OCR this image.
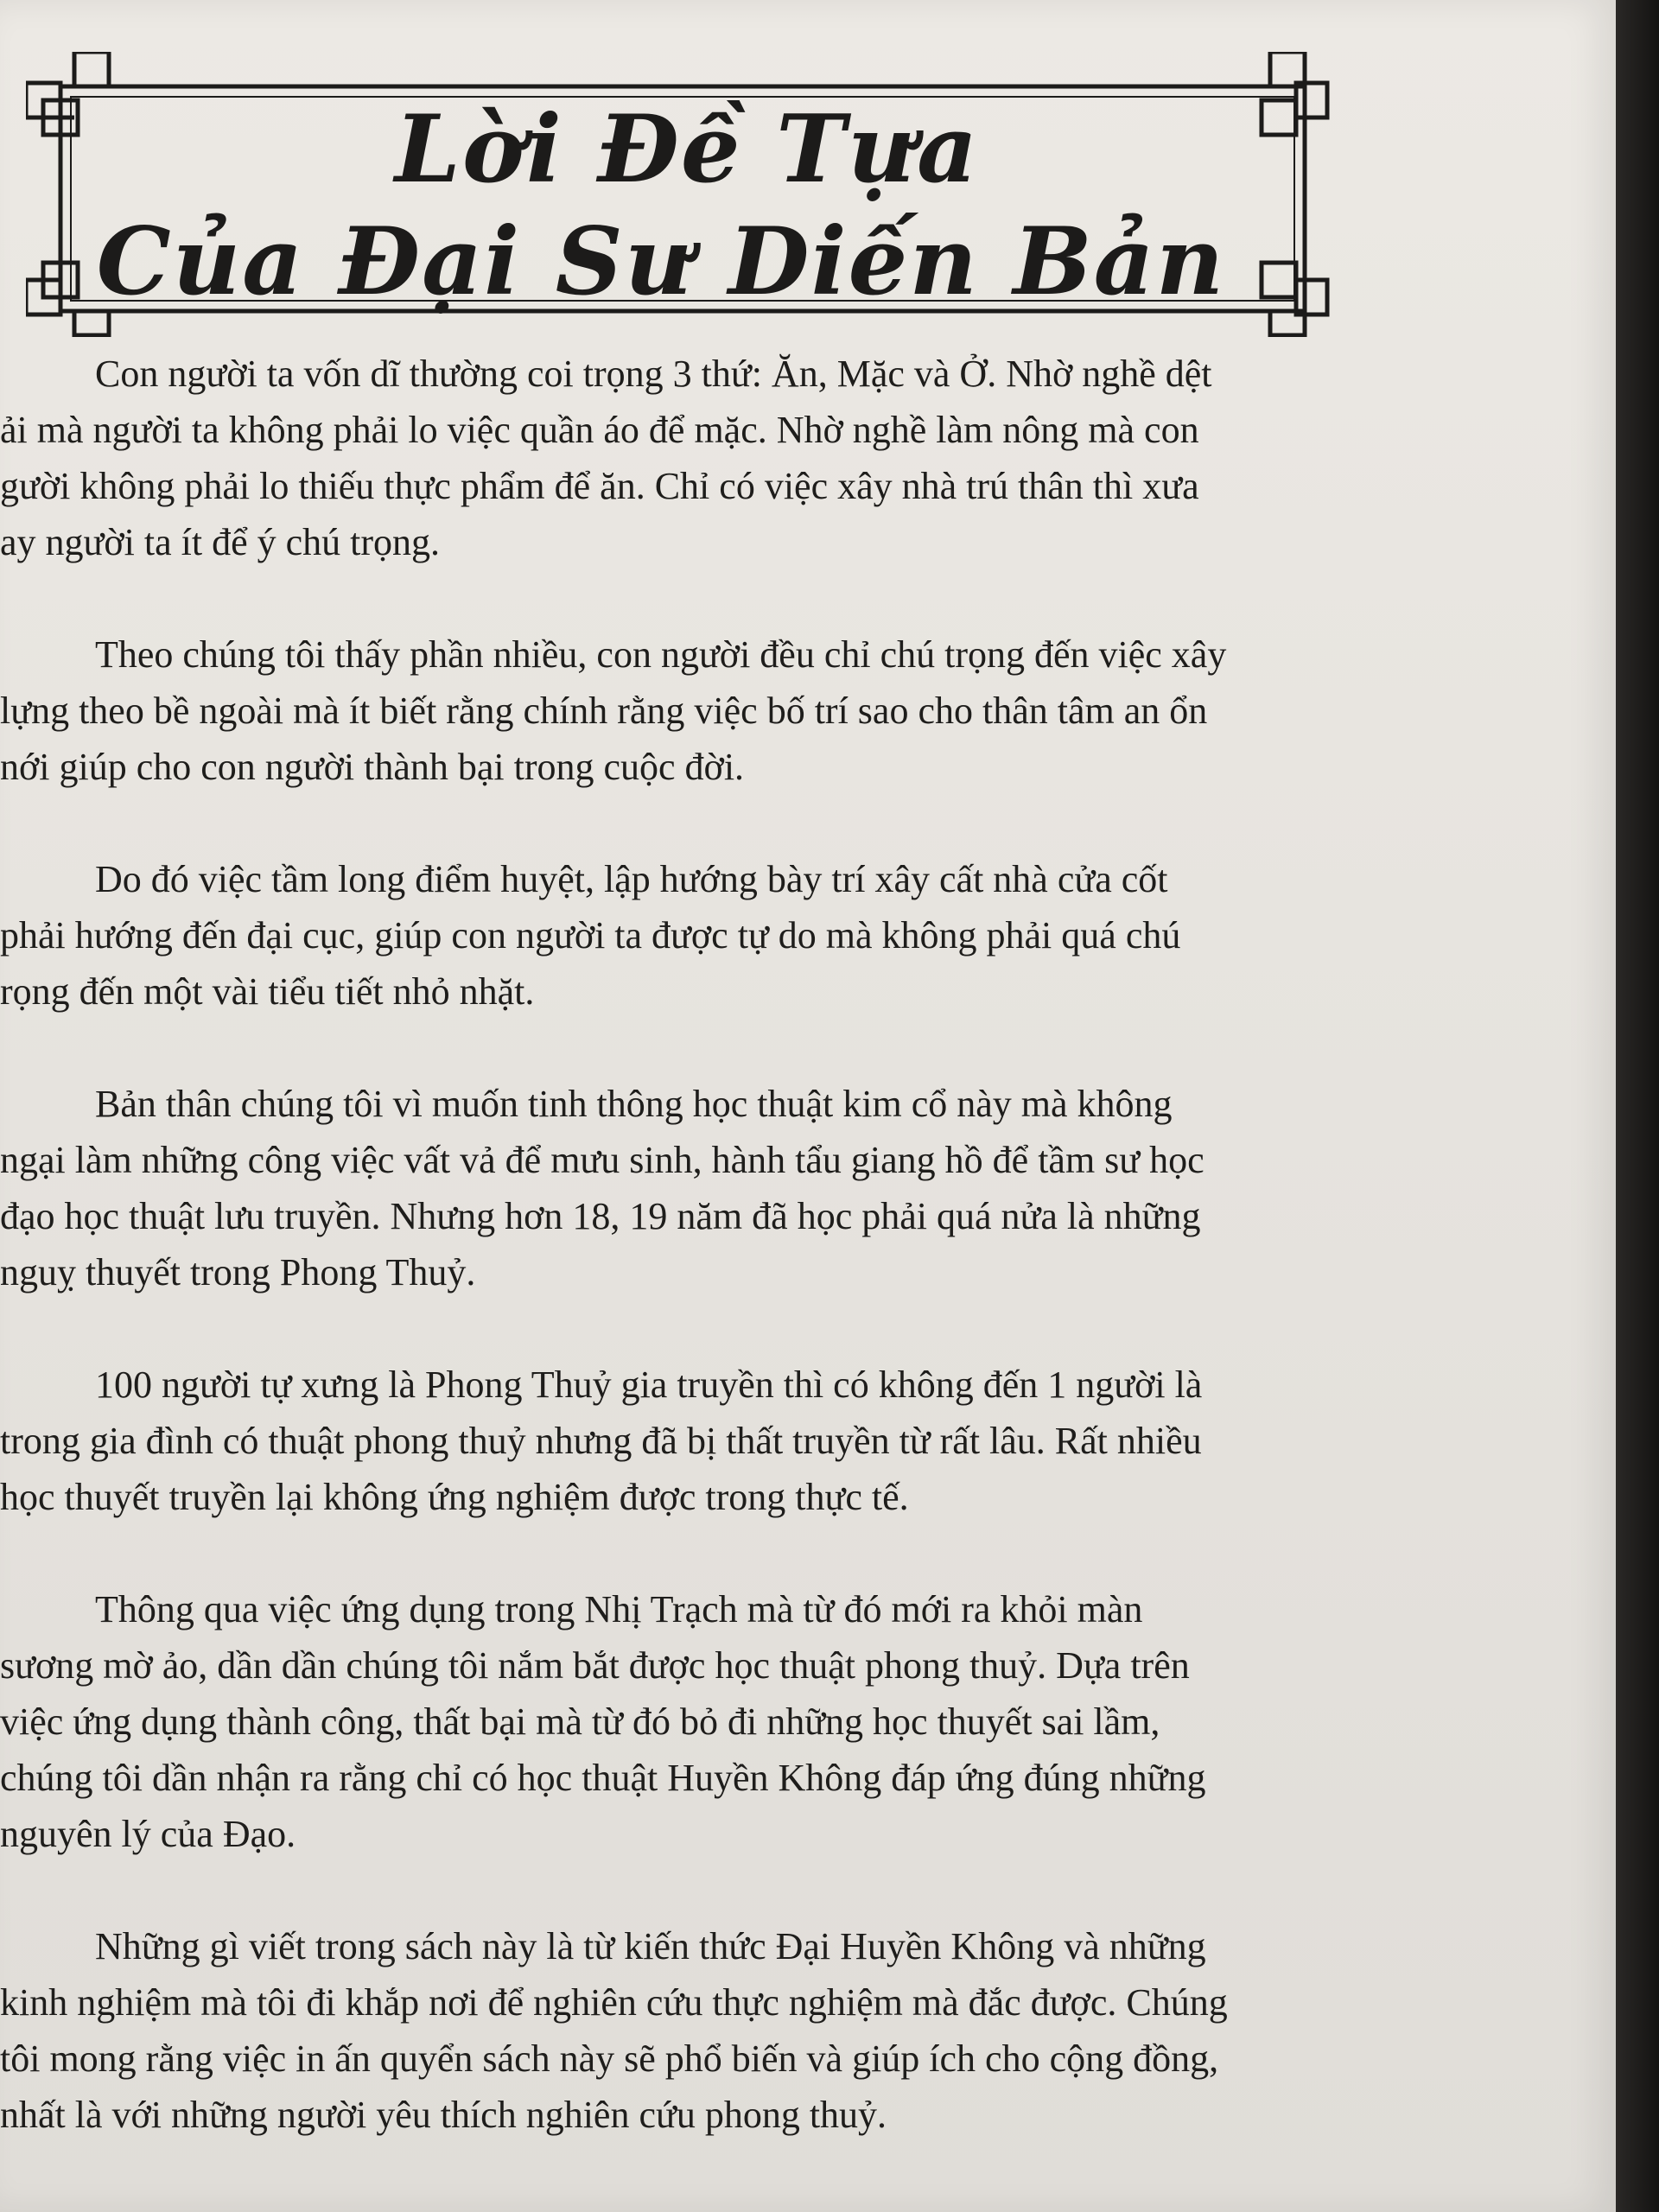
Lời Đề Tựa
Của Đại Sư Diến Bản

Con người ta vốn dĩ thường coi trọng 3 thứ: Ăn, Mặc và Ở. Nhờ nghề dệt
ải mà người ta không phải lo việc quần áo để mặc. Nhờ nghề làm nông mà con
gười không phải lo thiếu thực phẩm để ăn. Chỉ có việc xây nhà trú thân thì xưa
ay người ta ít để ý chú trọng.

Theo chúng tôi thấy phần nhiều, con người đều chỉ chú trọng đến việc xây
lựng theo bề ngoài mà ít biết rằng chính rằng việc bố trí sao cho thân tâm an ổn
nới giúp cho con người thành bại trong cuộc đời.

Do đó việc tầm long điểm huyệt, lập hướng bày trí xây cất nhà cửa cốt
phải hướng đến đại cục, giúp con người ta được tự do mà không phải quá chú
rọng đến một vài tiểu tiết nhỏ nhặt.

Bản thân chúng tôi vì muốn tinh thông học thuật kim cổ này mà không
ngại làm những công việc vất vả để mưu sinh, hành tẩu giang hồ để tầm sư học
đạo học thuật lưu truyền. Nhưng hơn 18, 19 năm đã học phải quá nửa là những
nguỵ thuyết trong Phong Thuỷ.

100 người tự xưng là Phong Thuỷ gia truyền thì có không đến 1 người là
trong gia đình có thuật phong thuỷ nhưng đã bị thất truyền từ rất lâu. Rất nhiều
học thuyết truyền lại không ứng nghiệm được trong thực tế.

Thông qua việc ứng dụng trong Nhị Trạch mà từ đó mới ra khỏi màn
sương mờ ảo, dần dần chúng tôi nắm bắt được học thuật phong thuỷ. Dựa trên
việc ứng dụng thành công, thất bại mà từ đó bỏ đi những học thuyết sai lầm,
chúng tôi dần nhận ra rằng chỉ có học thuật Huyền Không đáp ứng đúng những
nguyên lý của Đạo.

Những gì viết trong sách này là từ kiến thức Đại Huyền Không và những
kinh nghiệm mà tôi đi khắp nơi để nghiên cứu thực nghiệm mà đắc được. Chúng
tôi mong rằng việc in ấn quyển sách này sẽ phổ biến và giúp ích cho cộng đồng,
nhất là với những người yêu thích nghiên cứu phong thuỷ.
